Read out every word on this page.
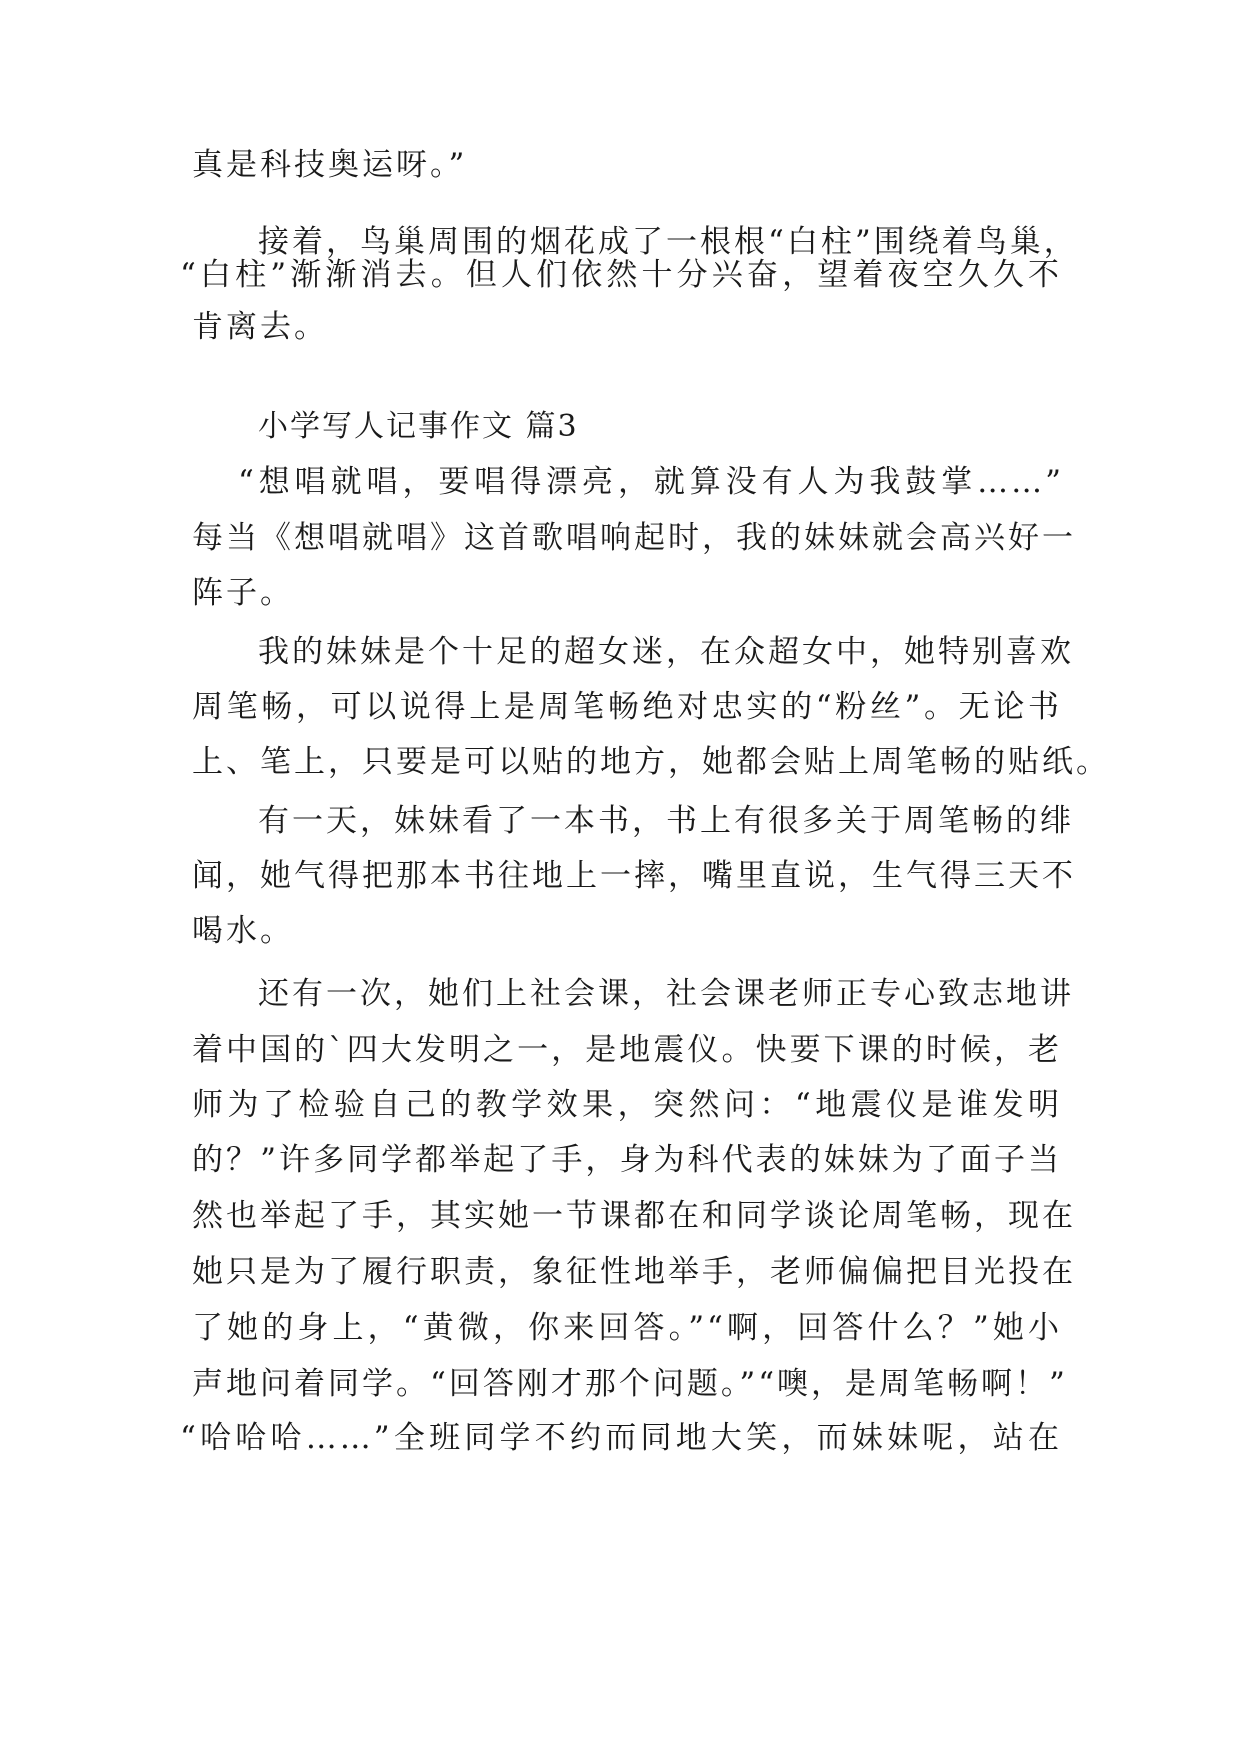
真是科技奥运呀。”
接着，鸟巢周围的烟花成了一根根“白柱”围绕着鸟巢，
“白柱”渐渐消去。但人们依然十分兴奋，望着夜空久久不
肯离去。
小学写人记事作文 篇3
“想唱就唱，要唱得漂亮，就算没有人为我鼓掌……”
每当《想唱就唱》这首歌唱响起时，我的妹妹就会高兴好一
阵子。
我的妹妹是个十足的超女迷，在众超女中，她特别喜欢
周笔畅，可以说得上是周笔畅绝对忠实的“粉丝”。无论书
上、笔上，只要是可以贴的地方，她都会贴上周笔畅的贴纸。
有一天，妹妹看了一本书，书上有很多关于周笔畅的绯
闻，她气得把那本书往地上一摔，嘴里直说，生气得三天不
喝水。
还有一次，她们上社会课，社会课老师正专心致志地讲
着中国的`四大发明之一，是地震仪。快要下课的时候，老
师为了检验自己的教学效果，突然问：“地震仪是谁发明
的？”许多同学都举起了手，身为科代表的妹妹为了面子当
然也举起了手，其实她一节课都在和同学谈论周笔畅，现在
她只是为了履行职责，象征性地举手，老师偏偏把目光投在
了她的身上，“黄微，你来回答。”“啊，回答什么？”她小
声地问着同学。“回答刚才那个问题。”“噢，是周笔畅啊！”
“哈哈哈……”全班同学不约而同地大笑，而妹妹呢，站在
